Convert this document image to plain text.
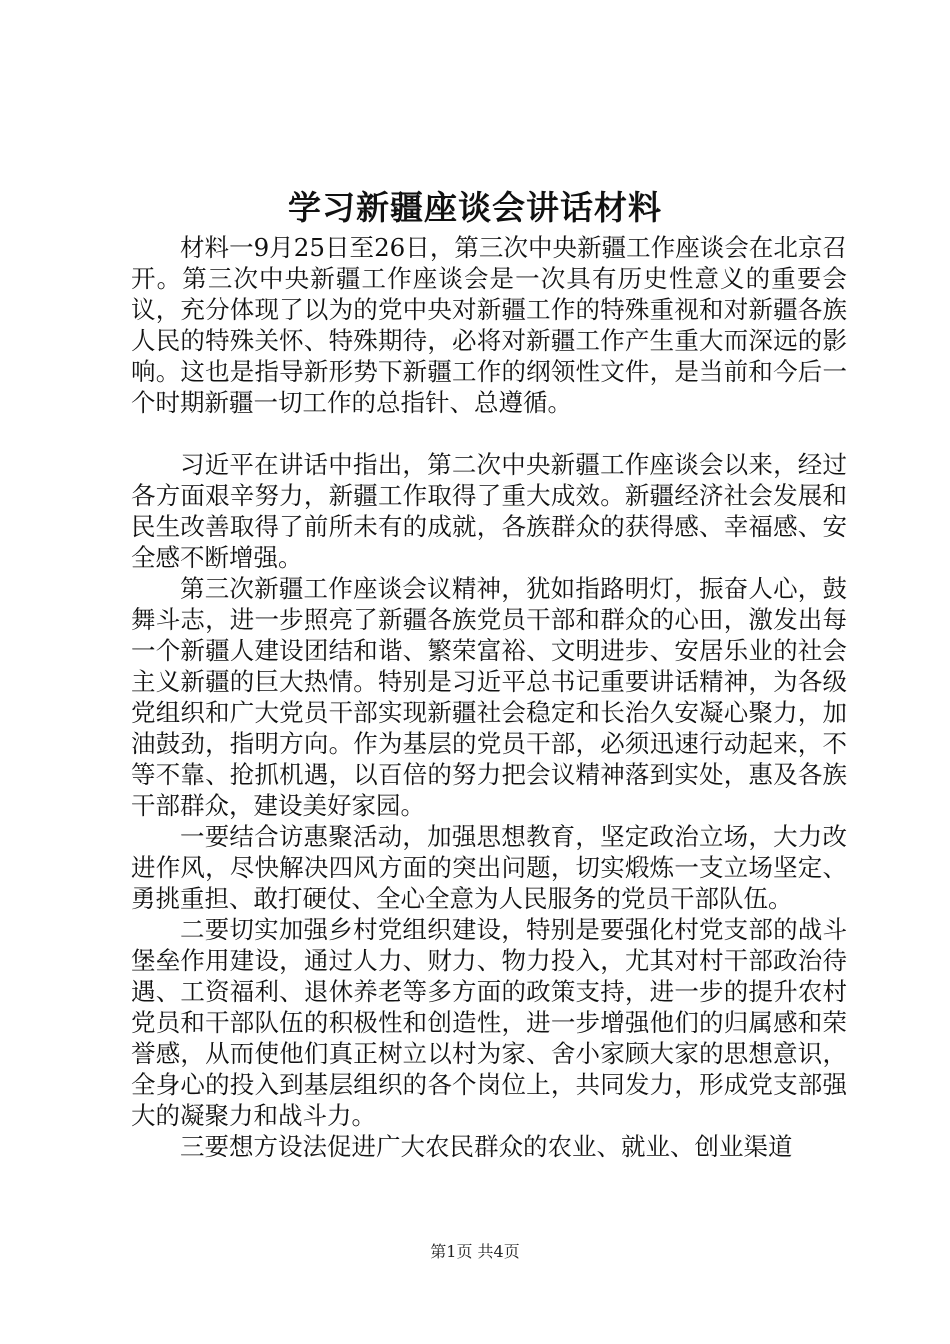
学习新疆座谈会讲话材料

材料一9月25日至26日，第三次中央新疆工作座谈会在北京召开。第三次中央新疆工作座谈会是一次具有历史性意义的重要会议，充分体现了以为的党中央对新疆工作的特殊重视和对新疆各族人民的特殊关怀、特殊期待，必将对新疆工作产生重大而深远的影响。这也是指导新形势下新疆工作的纲领性文件，是当前和今后一个时期新疆一切工作的总指针、总遵循。

习近平在讲话中指出，第二次中央新疆工作座谈会以来，经过各方面艰辛努力，新疆工作取得了重大成效。新疆经济社会发展和民生改善取得了前所未有的成就，各族群众的获得感、幸福感、安全感不断增强。

第三次新疆工作座谈会议精神，犹如指路明灯，振奋人心，鼓舞斗志，进一步照亮了新疆各族党员干部和群众的心田，激发出每一个新疆人建设团结和谐、繁荣富裕、文明进步、安居乐业的社会主义新疆的巨大热情。特别是习近平总书记重要讲话精神，为各级党组织和广大党员干部实现新疆社会稳定和长治久安凝心聚力，加油鼓劲，指明方向。作为基层的党员干部，必须迅速行动起来，不等不靠、抢抓机遇，以百倍的努力把会议精神落到实处，惠及各族干部群众，建设美好家园。

一要结合访惠聚活动，加强思想教育，坚定政治立场，大力改进作风，尽快解决四风方面的突出问题，切实煅炼一支立场坚定、勇挑重担、敢打硬仗、全心全意为人民服务的党员干部队伍。

二要切实加强乡村党组织建设，特别是要强化村党支部的战斗堡垒作用建设，通过人力、财力、物力投入，尤其对村干部政治待遇、工资福利、退休养老等多方面的政策支持，进一步的提升农村党员和干部队伍的积极性和创造性，进一步增强他们的归属感和荣誉感，从而使他们真正树立以村为家、舍小家顾大家的思想意识，全身心的投入到基层组织的各个岗位上，共同发力，形成党支部强大的凝聚力和战斗力。

三要想方设法促进广大农民群众的农业、就业、创业渠道

第1页 共4页
